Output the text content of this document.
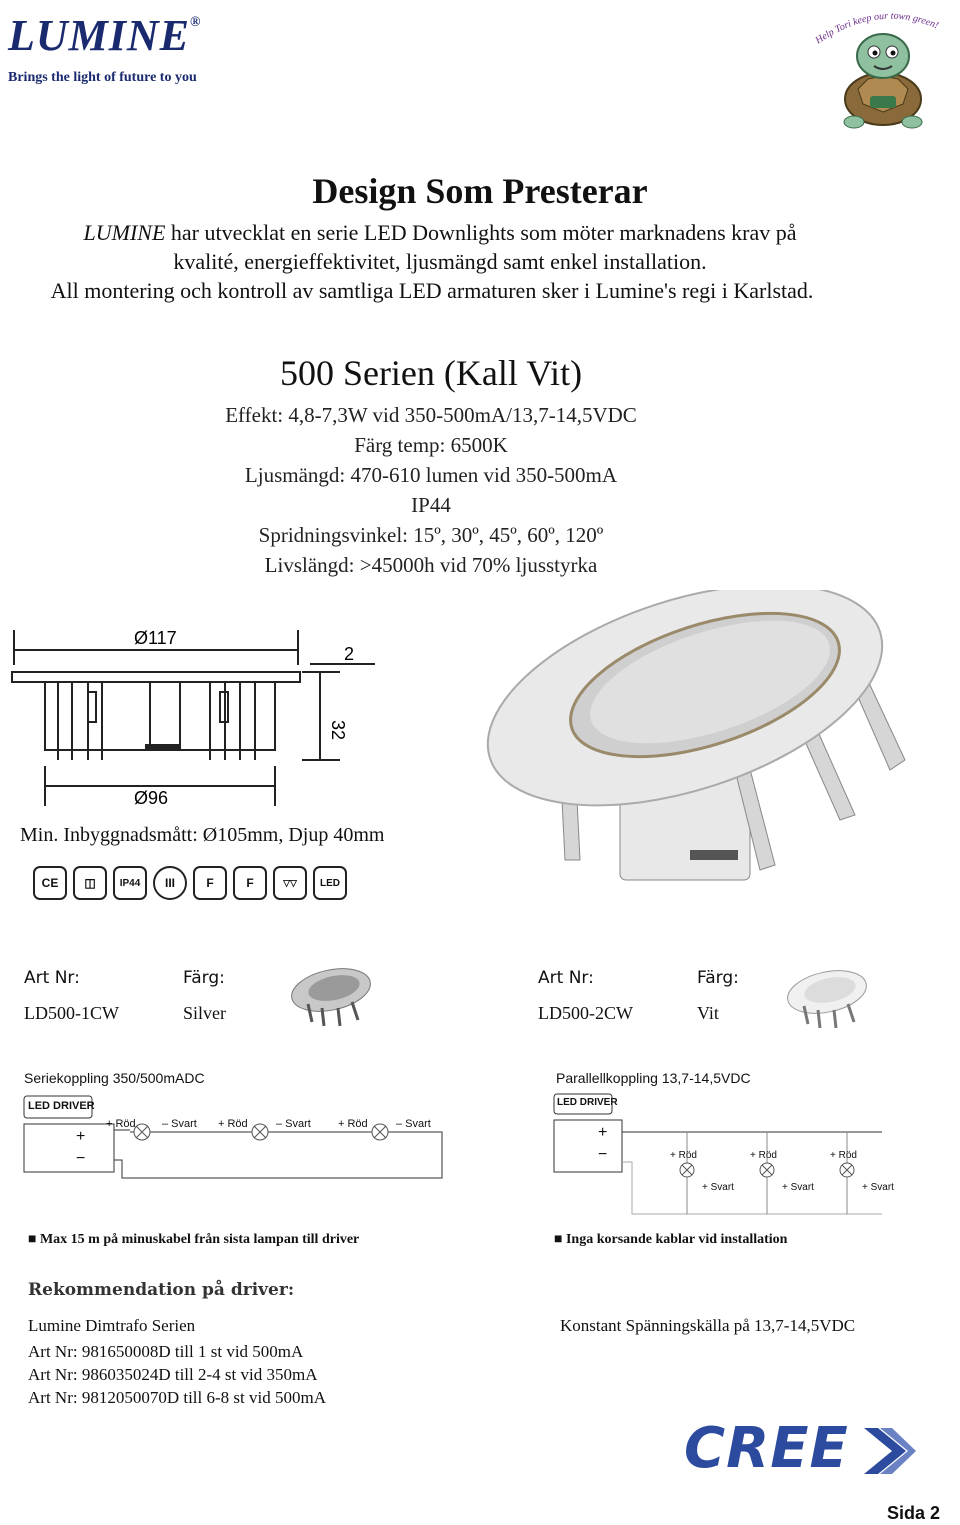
LUMINE®
Brings the light of future to you
Help Tori keep our town green!
Design Som Presterar
LUMINE har utvecklat en serie LED Downlights som möter marknadens krav på
kvalité, energieffektivitet, ljusmängd samt enkel installation.
All montering och kontroll av samtliga LED armaturen sker i Lumine's regi i Karlstad.
500 Serien (Kall Vit)
Effekt: 4,8-7,3W vid 350-500mA/13,7-14,5VDC
Färg temp: 6500K
Ljusmängd: 470-610 lumen vid 350-500mA
IP44
Spridningsvinkel: 15º, 30º, 45º, 60º, 120º
Livslängd: >45000h vid 70% ljusstyrka
Ø117
Ø96
2
32
Min. Inbyggnadsmått: Ø105mm, Djup 40mm
CE	◫	IP44	III	F	F	▽▽	LED
Art Nr:	Färg:
LD500-1CW	Silver
Art Nr:	Färg:
LD500-2CW	Vit
Seriekoppling 350/500mADC
LED DRIVER
+
−
+ Röd – Svart + Röd	– Svart + Röd	– Svart
Parallellkoppling 13,7-14,5VDC
LED DRIVER
+
−	+ Röd	+ Röd	+ Röd
+ Svart	+ Svart	+ Svart
■ Max 15 m på minuskabel från sista lampan till driver	■ Inga korsande kablar vid installation
Rekommendation på driver:
Lumine Dimtrafo Serien
Art Nr: 981650008D till 1 st vid 500mA
Art Nr: 986035024D till 2-4 st vid 350mA
Art Nr: 9812050070D till 6-8 st vid 500mA
Konstant Spänningskälla på 13,7-14,5VDC
CREE
Sida 2
